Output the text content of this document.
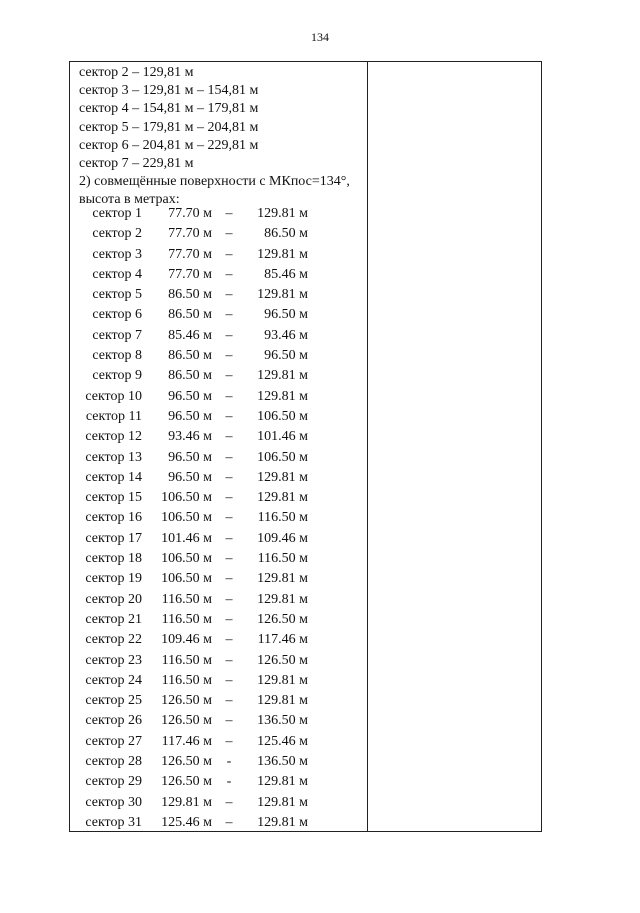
134
сектор 2 – 129,81 м
сектор 3 – 129,81 м – 154,81 м
сектор 4 – 154,81 м – 179,81 м
сектор 5 – 179,81 м – 204,81 м
сектор 6 – 204,81 м – 229,81 м
сектор 7 – 229,81 м
2) совмещённые поверхности с МКпос=134°,
высота в метрах:
сектор 1	77.70 м –	129.81 м
сектор 2	77.70 м –	86.50 м
сектор 3	77.70 м –	129.81 м
сектор 4	77.70 м –	85.46 м
сектор 5	86.50 м –	129.81 м
сектор 6	86.50 м –	96.50 м
сектор 7	85.46 м –	93.46 м
сектор 8	86.50 м –	96.50 м
сектор 9	86.50 м –	129.81 м
сектор 10	96.50 м –	129.81 м
сектор 11	96.50 м –	106.50 м
сектор 12	93.46 м –	101.46 м
сектор 13	96.50 м –	106.50 м
сектор 14	96.50 м –	129.81 м
сектор 15	106.50 м –	129.81 м
сектор 16	106.50 м –	116.50 м
сектор 17	101.46 м –	109.46 м
сектор 18	106.50 м –	116.50 м
сектор 19	106.50 м –	129.81 м
сектор 20	116.50 м –	129.81 м
сектор 21	116.50 м –	126.50 м
сектор 22	109.46 м –	117.46 м
сектор 23	116.50 м –	126.50 м
сектор 24	116.50 м –	129.81 м
сектор 25	126.50 м –	129.81 м
сектор 26	126.50 м –	136.50 м
сектор 27	117.46 м –	125.46 м
сектор 28	126.50 м -	136.50 м
сектор 29	126.50 м -	129.81 м
сектор 30	129.81 м –	129.81 м
сектор 31	125.46 м –	129.81 м
